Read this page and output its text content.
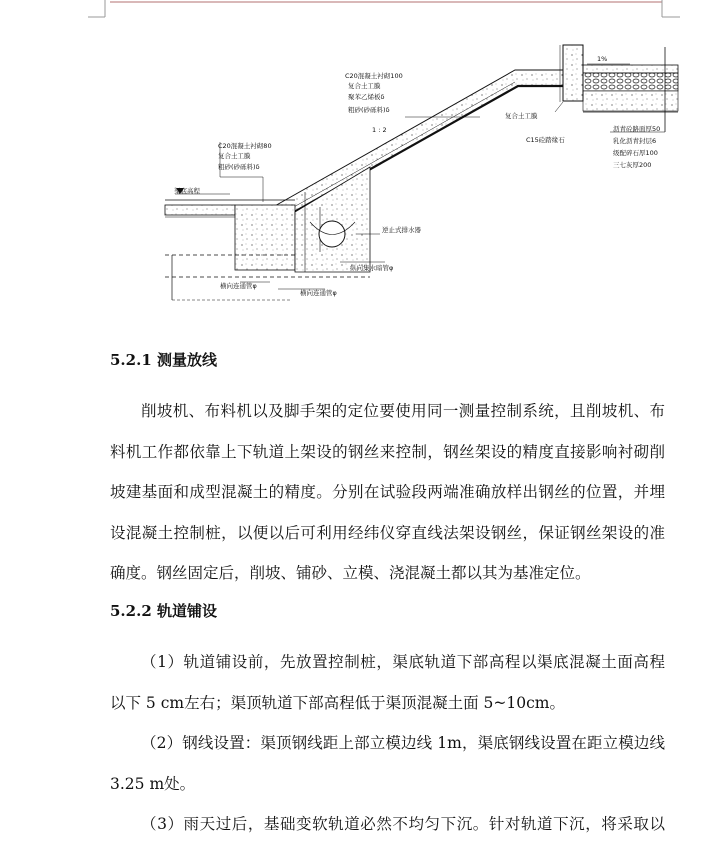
1%
1 : 2
C20混凝土衬砌100
复合土工膜
聚苯乙烯板δ
粗砂(砂砾料)δ
C20混凝土衬砌80
复合土工膜
粗砂(砂砾料)δ
渠底高程
复合土工膜
C15砼踏缘石
沥青砼路面厚50
乳化沥青封层6
级配碎石厚100
三七灰厚200
逆止式排水器
纵向集水暗管φ
横向连通管φ
横向连通管φ
5.2.1 测量放线
削坡机、布料机以及脚手架的定位要使用同一测量控制系统，且削坡机、布
料机工作都依靠上下轨道上架设的钢丝来控制，钢丝架设的精度直接影响衬砌削
坡建基面和成型混凝土的精度。分别在试验段两端准确放样出钢丝的位置，并埋
设混凝土控制桩，以便以后可利用经纬仪穿直线法架设钢丝，保证钢丝架设的准
确度。钢丝固定后，削坡、铺砂、立模、浇混凝土都以其为基准定位。
5.2.2 轨道铺设
（1）轨道铺设前，先放置控制桩，渠底轨道下部高程以渠底混凝土面高程
以下 5 cm左右；渠顶轨道下部高程低于渠顶混凝土面 5~10cm。
（2）钢线设置：渠顶钢线距上部立模边线 1m，渠底钢线设置在距立模边线
3.25 m处。
（3）雨天过后，基础变软轨道必然不均匀下沉。针对轨道下沉，将采取以
